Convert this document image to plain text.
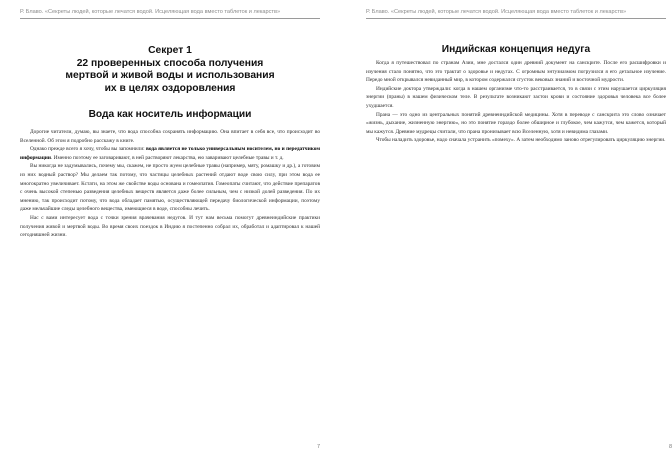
Р. Блаво. «Секреты людей, которые лечатся водой. Исцеляющая вода вместо таблеток и лекарств»
Секрет 1
22 проверенных способа получения
мертвой и живой воды и использования
их в целях оздоровления
Вода как носитель информации

Дорогие читатели, думаю, вы знаете, что вода способна сохранять информацию. Она впитает в себя все, что происходит во Вселенной. Об этом я подробно расскажу в книге.

Однако прежде всего я хочу, чтобы вы запомнили: вода является не только универсальным носителем, но и передатчиком информации. Именно поэтому ее заговаривают, в ней растворяют лекарства, ею заваривают целебные травы и т. д.

Вы никогда не задумывались, почему мы, скажем, не просто жуем целебные травы (например, мяту, ромашку и др.), а готовим из них водный раствор? Мы делаем так потому, что частицы целебных растений отдают воде свою силу, при этом вода ее многократно увеличивает. Кстати, на этом же свойстве воды основана и гомеопатия. Гомеопаты считают, что действие препаратов с очень высокой степенью разведения целебных веществ является даже более сильным, чем с низкой долей разведения. По их мнению, так происходит потому, что вода обладает памятью, осуществляющей передачу биологической информации, поэтому даже мельчайшие следы целебного вещества, имеющиеся в воде, способны лечить.

Нас с вами интересует вода с точки зрения врачевания недугов. И тут нам весьма помогут древнеиндийские практики получения живой и мертвой воды. Во время своих поездок в Индию я постепенно собрал их, обработал и адаптировал к нашей сегодняшней жизни.

7
Р. Блаво. «Секреты людей, которые лечатся водой. Исцеляющая вода вместо таблеток и лекарств»
Индийская концепция недуга

Когда я путешествовал по странам Азии, мне достался один древний документ на санскрите. После его расшифровки и изучения стало понятно, что это трактат о здоровье и недугах. С огромным энтузиазмом погрузился я его детальное изучение. Передо мной открывался невиданный мир, в котором содержался сгусток вековых знаний и восточной мудрости.

Индийские доктора утверждали: когда в нашем организме что-то расстраивается, то в связи с этим нарушается циркуляция энергии (праны) в нашем физическом теле. В результате возникают застои крови и состояние здоровья человека все более ухудшается.

Прана — это одно из центральных понятий древнеиндийской медицины. Хотя в переводе с санскрита это слово означает «жизнь, дыхание, жизненную энергию», но это понятие гораздо более обширное и глубокое, чем кажутся, чем кажется, который мы кажутся. Древние мудрецы считали, что прана пронизывает всю Вселенную, хотя и невидима глазами.

Чтобы наладить здоровье, надо сначала устранить «помеху». А затем необходимо заново отрегулировать циркуляцию энергии.

8
